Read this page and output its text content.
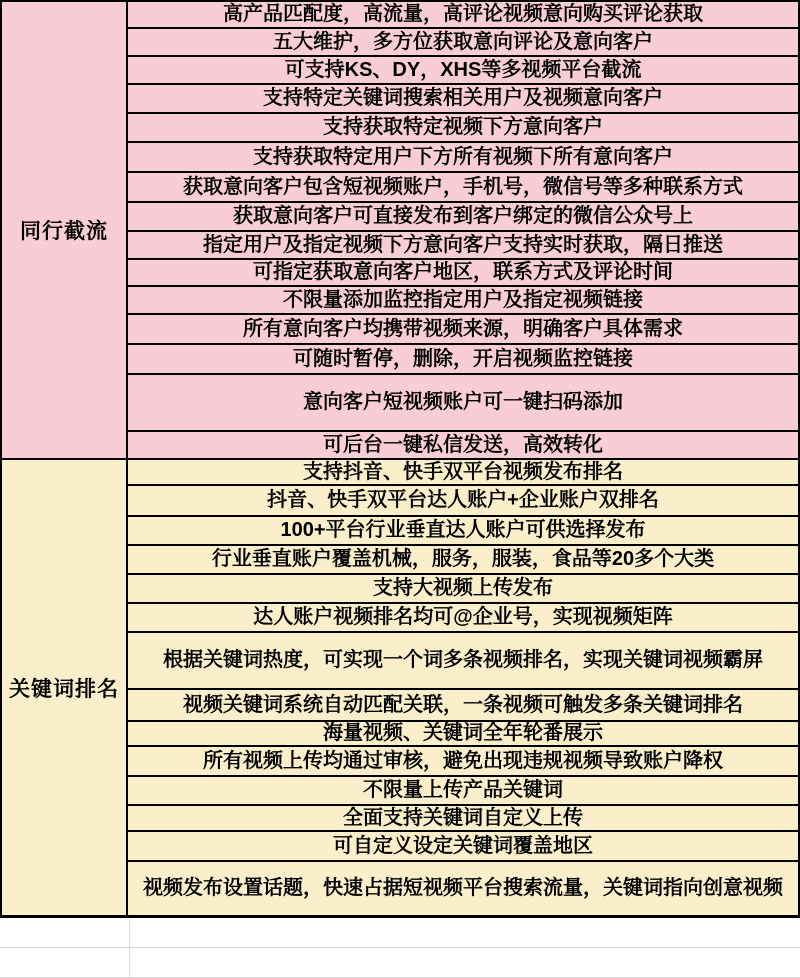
同行截流
高产品匹配度，高流量，高评论视频意向购买评论获取
五大维护，多方位获取意向评论及意向客户
可支持KS、DY，XHS等多视频平台截流
支持特定关键词搜索相关用户及视频意向客户
支持获取特定视频下方意向客户
支持获取特定用户下方所有视频下所有意向客户
获取意向客户包含短视频账户，手机号，微信号等多种联系方式
获取意向客户可直接发布到客户绑定的微信公众号上
指定用户及指定视频下方意向客户支持实时获取，隔日推送
可指定获取意向客户地区，联系方式及评论时间
不限量添加监控指定用户及指定视频链接
所有意向客户均携带视频来源，明确客户具体需求
可随时暂停，删除，开启视频监控链接
意向客户短视频账户可一键扫码添加
可后台一键私信发送，高效转化
关键词排名
支持抖音、快手双平台视频发布排名
抖音、快手双平台达人账户+企业账户双排名
100+平台行业垂直达人账户可供选择发布
行业垂直账户覆盖机械，服务，服装，食品等20多个大类
支持大视频上传发布
达人账户视频排名均可@企业号，实现视频矩阵
根据关键词热度，可实现一个词多条视频排名，实现关键词视频霸屏
视频关键词系统自动匹配关联，一条视频可触发多条关键词排名
海量视频、关键词全年轮番展示
所有视频上传均通过审核，避免出现违规视频导致账户降权
不限量上传产品关键词
全面支持关键词自定义上传
可自定义设定关键词覆盖地区
视频发布设置话题，快速占据短视频平台搜索流量，关键词指向创意视频
